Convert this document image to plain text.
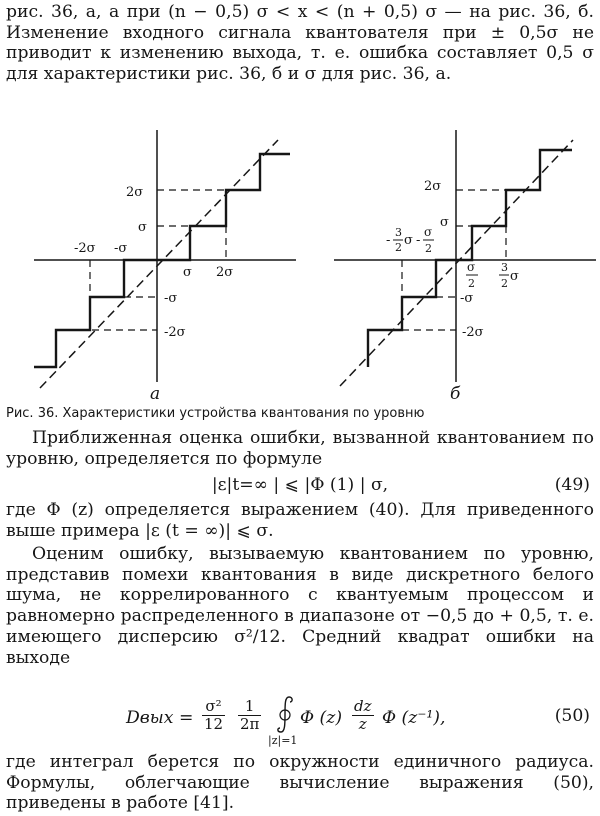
рис. 36, а, а при (n − 0,5) σ < x < (n + 0,5) σ — на рис. 36, б. Изменение входного сигнала квантователя при ± 0,5σ не приводит к изменению выхода, т. е. ошибка составляет 0,5 σ для характеристики рис. 36, б и σ для рис. 36, а.

2σ
σ
-2σ -σ
σ 2σ
-σ
-2σ
а
2σ
σ
-
3
2 σ -
σ
2
σ
2
3
2 σ
-σ
-2σ
б

Рис. 36. Характеристики устройства квантования по уровню

Приближенная оценка ошибки, вызванной квантованием по уровню, определяется по формуле

|ε|t=∞ | ⩽ |Φ (1) | σ,	(49)

где Φ (z) определяется выражением (40). Для приведенного выше примера |ε (t = ∞)| ⩽ σ.

Оценим ошибку, вызываемую квантованием по уровню, представив помехи квантования в виде дискретного белого шума, не коррелированного с квантуемым процессом и равномерно распределенного в диапазоне от −0,5 до + 0,5, т. е. имеющего дисперсию σ²/12. Средний квадрат ошибки на выходе

Dвых = $\frac{\text{σ²}}{12} \frac{1}{2\pi}$
|z|=1
Φ $(z) \frac{dz}{z}$ Φ (z⁻¹),	(50)

где интеграл берется по окружности единичного радиуса. Формулы, облегчающие вычисление выражения (50), приведены в работе [41].
